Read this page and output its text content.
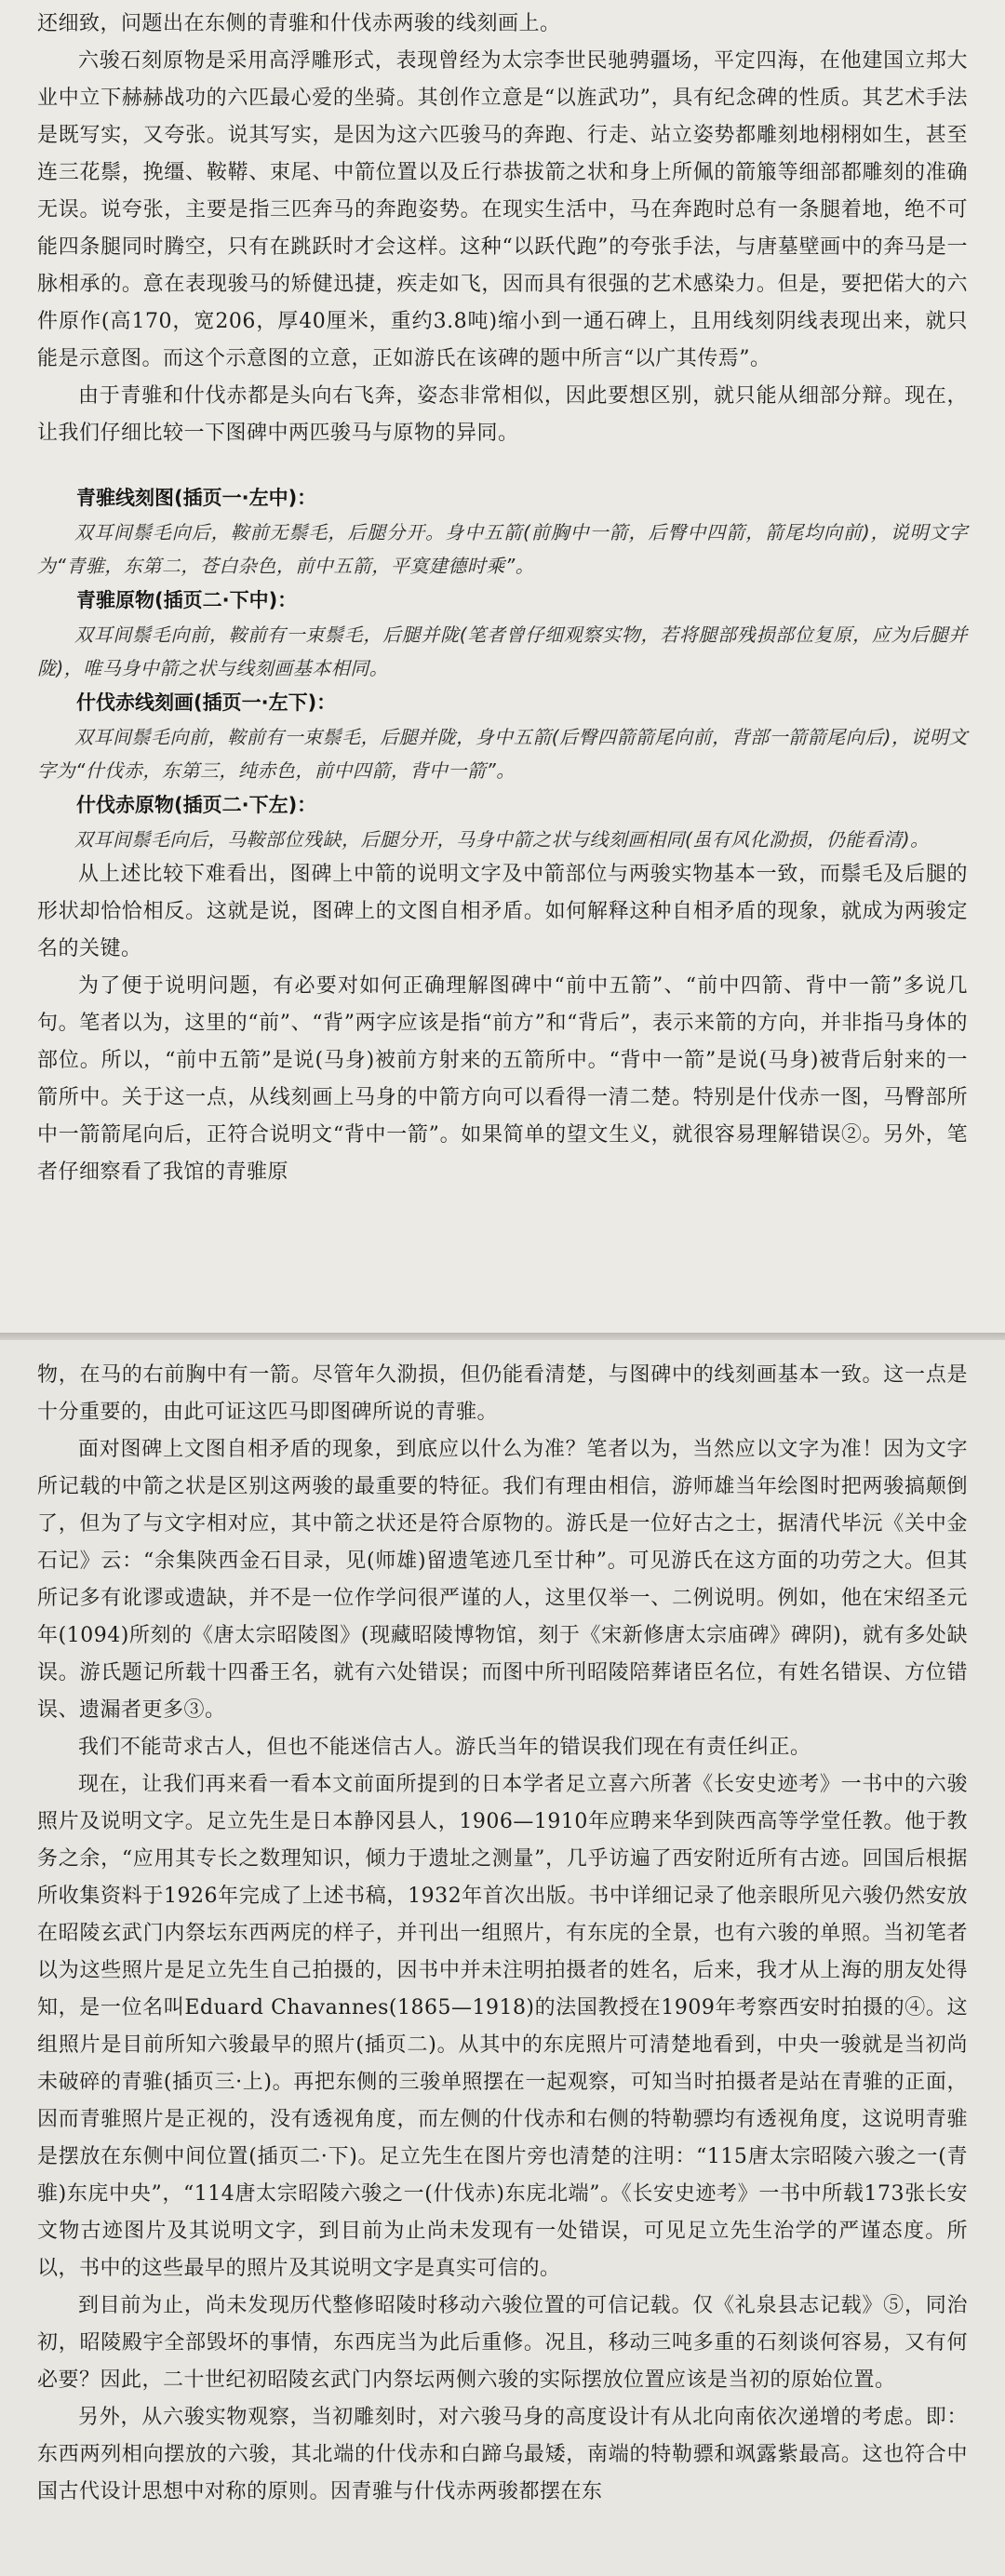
还细致，问题出在东侧的青骓和什伐赤两骏的线刻画上。

六骏石刻原物是采用高浮雕形式，表现曾经为太宗李世民驰骋疆场，平定四海，在他建国立邦大业中立下赫赫战功的六匹最心爱的坐骑。其创作立意是“以旌武功”，具有纪念碑的性质。其艺术手法是既写实，又夸张。说其写实，是因为这六匹骏马的奔跑、行走、站立姿势都雕刻地栩栩如生，甚至连三花鬃，挽缰、鞍鞯、束尾、中箭位置以及丘行恭拔箭之状和身上所佩的箭箙等细部都雕刻的准确无误。说夸张，主要是指三匹奔马的奔跑姿势。在现实生活中，马在奔跑时总有一条腿着地，绝不可能四条腿同时腾空，只有在跳跃时才会这样。这种“以跃代跑”的夸张手法，与唐墓壁画中的奔马是一脉相承的。意在表现骏马的矫健迅捷，疾走如飞，因而具有很强的艺术感染力。但是，要把偌大的六件原作(高170，宽206，厚40厘米，重约3.8吨)缩小到一通石碑上，且用线刻阴线表现出来，就只能是示意图。而这个示意图的立意，正如游氏在该碑的题中所言“以广其传焉”。

由于青骓和什伐赤都是头向右飞奔，姿态非常相似，因此要想区别，就只能从细部分辩。现在，让我们仔细比较一下图碑中两匹骏马与原物的异同。

青骓线刻图(插页一·左中)：

双耳间鬃毛向后，鞍前无鬃毛，后腿分开。身中五箭(前胸中一箭，后臀中四箭，箭尾均向前)，说明文字为“青骓，东第二，苍白杂色，前中五箭，平寞建德时乘”。

青骓原物(插页二·下中)：

双耳间鬃毛向前，鞍前有一束鬃毛，后腿并陇(笔者曾仔细观察实物，若将腿部残损部位复原，应为后腿并陇)，唯马身中箭之状与线刻画基本相同。

什伐赤线刻画(插页一·左下)：

双耳间鬃毛向前，鞍前有一束鬃毛，后腿并陇，身中五箭(后臀四箭箭尾向前，背部一箭箭尾向后)，说明文字为“什伐赤，东第三，纯赤色，前中四箭，背中一箭”。

什伐赤原物(插页二·下左)：

双耳间鬃毛向后，马鞍部位残缺，后腿分开，马身中箭之状与线刻画相同(虽有风化泐损，仍能看清)。

从上述比较下难看出，图碑上中箭的说明文字及中箭部位与两骏实物基本一致，而鬃毛及后腿的形状却恰恰相反。这就是说，图碑上的文图自相矛盾。如何解释这种自相矛盾的现象，就成为两骏定名的关键。

为了便于说明问题，有必要对如何正确理解图碑中“前中五箭”、“前中四箭、背中一箭”多说几句。笔者以为，这里的“前”、“背”两字应该是指“前方”和“背后”，表示来箭的方向，并非指马身体的部位。所以，“前中五箭”是说(马身)被前方射来的五箭所中。“背中一箭”是说(马身)被背后射来的一箭所中。关于这一点，从线刻画上马身的中箭方向可以看得一清二楚。特别是什伐赤一图，马臀部所中一箭箭尾向后，正符合说明文“背中一箭”。如果简单的望文生义，就很容易理解错误②。另外，笔者仔细察看了我馆的青骓原

物，在马的右前胸中有一箭。尽管年久泐损，但仍能看清楚，与图碑中的线刻画基本一致。这一点是十分重要的，由此可证这匹马即图碑所说的青骓。

面对图碑上文图自相矛盾的现象，到底应以什么为准？笔者以为，当然应以文字为准！因为文字所记载的中箭之状是区别这两骏的最重要的特征。我们有理由相信，游师雄当年绘图时把两骏搞颠倒了，但为了与文字相对应，其中箭之状还是符合原物的。游氏是一位好古之士，据清代毕沅《关中金石记》云：“余集陕西金石目录，见(师雄)留遗笔迹几至廿种”。可见游氏在这方面的功劳之大。但其所记多有讹谬或遗缺，并不是一位作学问很严谨的人，这里仅举一、二例说明。例如，他在宋绍圣元年(1094)所刻的《唐太宗昭陵图》(现藏昭陵博物馆，刻于《宋新修唐太宗庙碑》碑阴)，就有多处缺误。游氏题记所载十四番王名，就有六处错误；而图中所刊昭陵陪葬诸臣名位，有姓名错误、方位错误、遗漏者更多③。

我们不能苛求古人，但也不能迷信古人。游氏当年的错误我们现在有责任纠正。

现在，让我们再来看一看本文前面所提到的日本学者足立喜六所著《长安史迹考》一书中的六骏照片及说明文字。足立先生是日本静冈县人，1906—1910年应聘来华到陕西高等学堂任教。他于教务之余，“应用其专长之数理知识，倾力于遗址之测量”，几乎访遍了西安附近所有古迹。回国后根据所收集资料于1926年完成了上述书稿，1932年首次出版。书中详细记录了他亲眼所见六骏仍然安放在昭陵玄武门内祭坛东西两庑的样子，并刊出一组照片，有东庑的全景，也有六骏的单照。当初笔者以为这些照片是足立先生自己拍摄的，因书中并未注明拍摄者的姓名，后来，我才从上海的朋友处得知，是一位名叫Eduard Chavannes(1865—1918)的法国教授在1909年考察西安时拍摄的④。这组照片是目前所知六骏最早的照片(插页二)。从其中的东庑照片可清楚地看到，中央一骏就是当初尚未破碎的青骓(插页三·上)。再把东侧的三骏单照摆在一起观察，可知当时拍摄者是站在青骓的正面，因而青骓照片是正视的，没有透视角度，而左侧的什伐赤和右侧的特勒骠均有透视角度，这说明青骓是摆放在东侧中间位置(插页二·下)。足立先生在图片旁也清楚的注明：“115唐太宗昭陵六骏之一(青骓)东庑中央”，“114唐太宗昭陵六骏之一(什伐赤)东庑北端”。《长安史迹考》一书中所载173张长安文物古迹图片及其说明文字，到目前为止尚未发现有一处错误，可见足立先生治学的严谨态度。所以，书中的这些最早的照片及其说明文字是真实可信的。

到目前为止，尚未发现历代整修昭陵时移动六骏位置的可信记载。仅《礼泉县志记载》⑤，同治初，昭陵殿宇全部毁坏的事情，东西庑当为此后重修。况且，移动三吨多重的石刻谈何容易，又有何必要？因此，二十世纪初昭陵玄武门内祭坛两侧六骏的实际摆放位置应该是当初的原始位置。

另外，从六骏实物观察，当初雕刻时，对六骏马身的高度设计有从北向南依次递增的考虑。即：东西两列相向摆放的六骏，其北端的什伐赤和白蹄乌最矮，南端的特勒骠和飒露紫最高。这也符合中国古代设计思想中对称的原则。因青骓与什伐赤两骏都摆在东
